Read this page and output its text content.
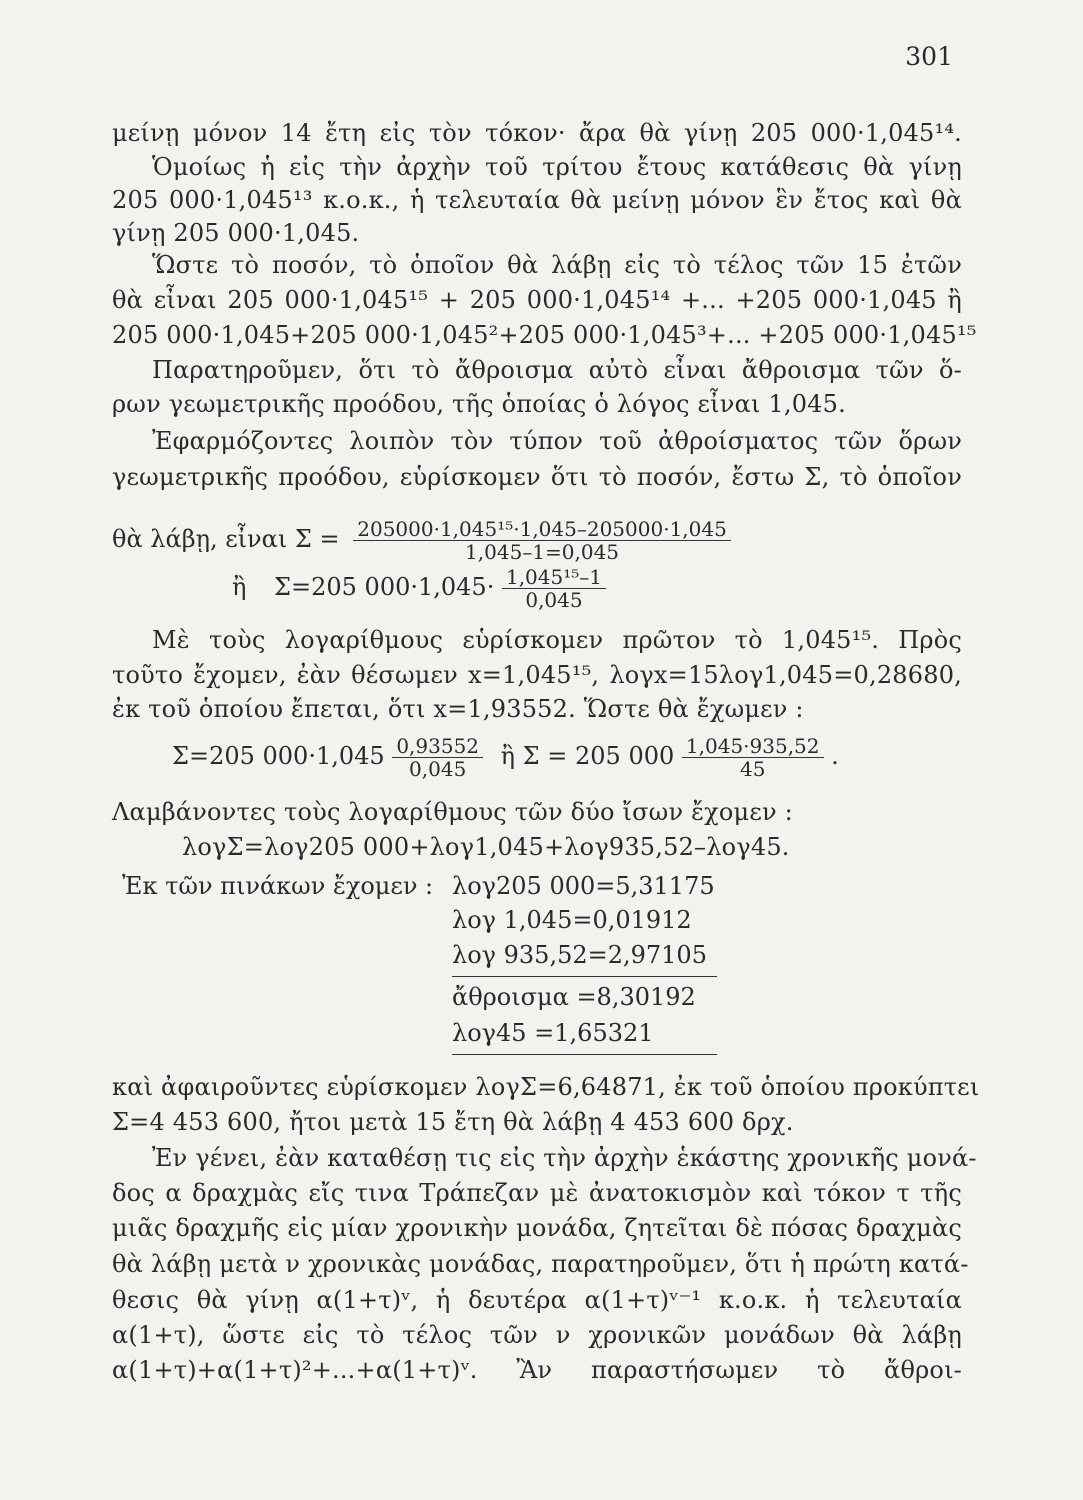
301
μείνῃ μόνον 14 ἔτη εἰς τὸν τόκον· ἄρα θὰ γίνῃ 205 000·1,045¹⁴.
Ὁμοίως ἡ εἰς τὴν ἀρχὴν τοῦ τρίτου ἔτους κατάθεσις θὰ γίνῃ
205 000·1,045¹³ κ.ο.κ., ἡ τελευταία θὰ μείνῃ μόνον ἓν ἔτος καὶ θὰ
γίνῃ 205 000·1,045.
Ὥστε τὸ ποσόν, τὸ ὁποῖον θὰ λάβῃ εἰς τὸ τέλος τῶν 15 ἐτῶν
θὰ εἶναι 205 000·1,045¹⁵ + 205 000·1,045¹⁴ +... +205 000·1,045 ἢ
205 000·1,045+205 000·1,045²+205 000·1,045³+... +205 000·1,045¹⁵
Παρατηροῦμεν, ὅτι τὸ ἄθροισμα αὐτὸ εἶναι ἄθροισμα τῶν ὅ-
ρων γεωμετρικῆς προόδου, τῆς ὁποίας ὁ λόγος εἶναι 1,045.
Ἐφαρμόζοντες λοιπὸν τὸν τύπον τοῦ ἀθροίσματος τῶν ὅρων
γεωμετρικῆς προόδου, εὑρίσκομεν ὅτι τὸ ποσόν, ἔστω Σ, τὸ ὁποῖον
θὰ λάβῃ, εἶναι $\Sigma = \frac{\text{205000·1,045¹⁵·1,045–205000·1,045}}{1,045-1=0,045}$
ἢ Σ=205 $000\cdot 1,045\cdot \frac{\text{1,045¹⁵–1}}{0,045}$
Μὲ τοὺς λογαρίθμους εὑρίσκομεν πρῶτον τὸ 1,045¹⁵. Πρὸς
τοῦτο ἔχομεν, ἐὰν θέσωμεν x=1,045¹⁵, λογx=15λογ1,045=0,28680,
ἐκ τοῦ ὁποίου ἔπεται, ὅτι x=1,93552. Ὥστε θὰ ἔχωμεν :
Σ=205 $000\cdot 1,045 \frac{0,93552}{0,045}$ ἢ Σ = 205 $000 \frac{1,045\cdot 935,52}{45}$ .
Λαμβάνοντες τοὺς λογαρίθμους τῶν δύο ἴσων ἔχομεν :
λογΣ=λογ205 000+λογ1,045+λογ935,52–λογ45.
Ἐκ τῶν πινάκων ἔχομεν : λογ205 000=5,31175
λογ 1,045=0,01912
λογ 935,52=2,97105
ἄθροισμα =8,30192
λογ45 =1,65321
καὶ ἀφαιροῦντες εὑρίσκομεν λογΣ=6,64871, ἐκ τοῦ ὁποίου προκύπτει
Σ=4 453 600, ἤτοι μετὰ 15 ἔτη θὰ λάβῃ 4 453 600 δρχ.
Ἐν γένει, ἐὰν καταθέσῃ τις εἰς τὴν ἀρχὴν ἑκάστης χρονικῆς μονά-
δος α δραχμὰς εἴς τινα Τράπεζαν μὲ ἀνατοκισμὸν καὶ τόκον τ τῆς
μιᾶς δραχμῆς εἰς μίαν χρονικὴν μονάδα, ζητεῖται δὲ πόσας δραχμὰς
θὰ λάβῃ μετὰ ν χρονικὰς μονάδας, παρατηροῦμεν, ὅτι ἡ πρώτη κατά-
θεσις θὰ γίνῃ α(1+τ)ᵛ, ἡ δευτέρα α(1+τ)ᵛ⁻¹ κ.ο.κ. ἡ τελευταία
α(1+τ), ὥστε εἰς τὸ τέλος τῶν ν χρονικῶν μονάδων θὰ λάβῃ
α(1+τ)+α(1+τ)²+...+α(1+τ)ᵛ. Ἂν παραστήσωμεν τὸ ἄθροι-
